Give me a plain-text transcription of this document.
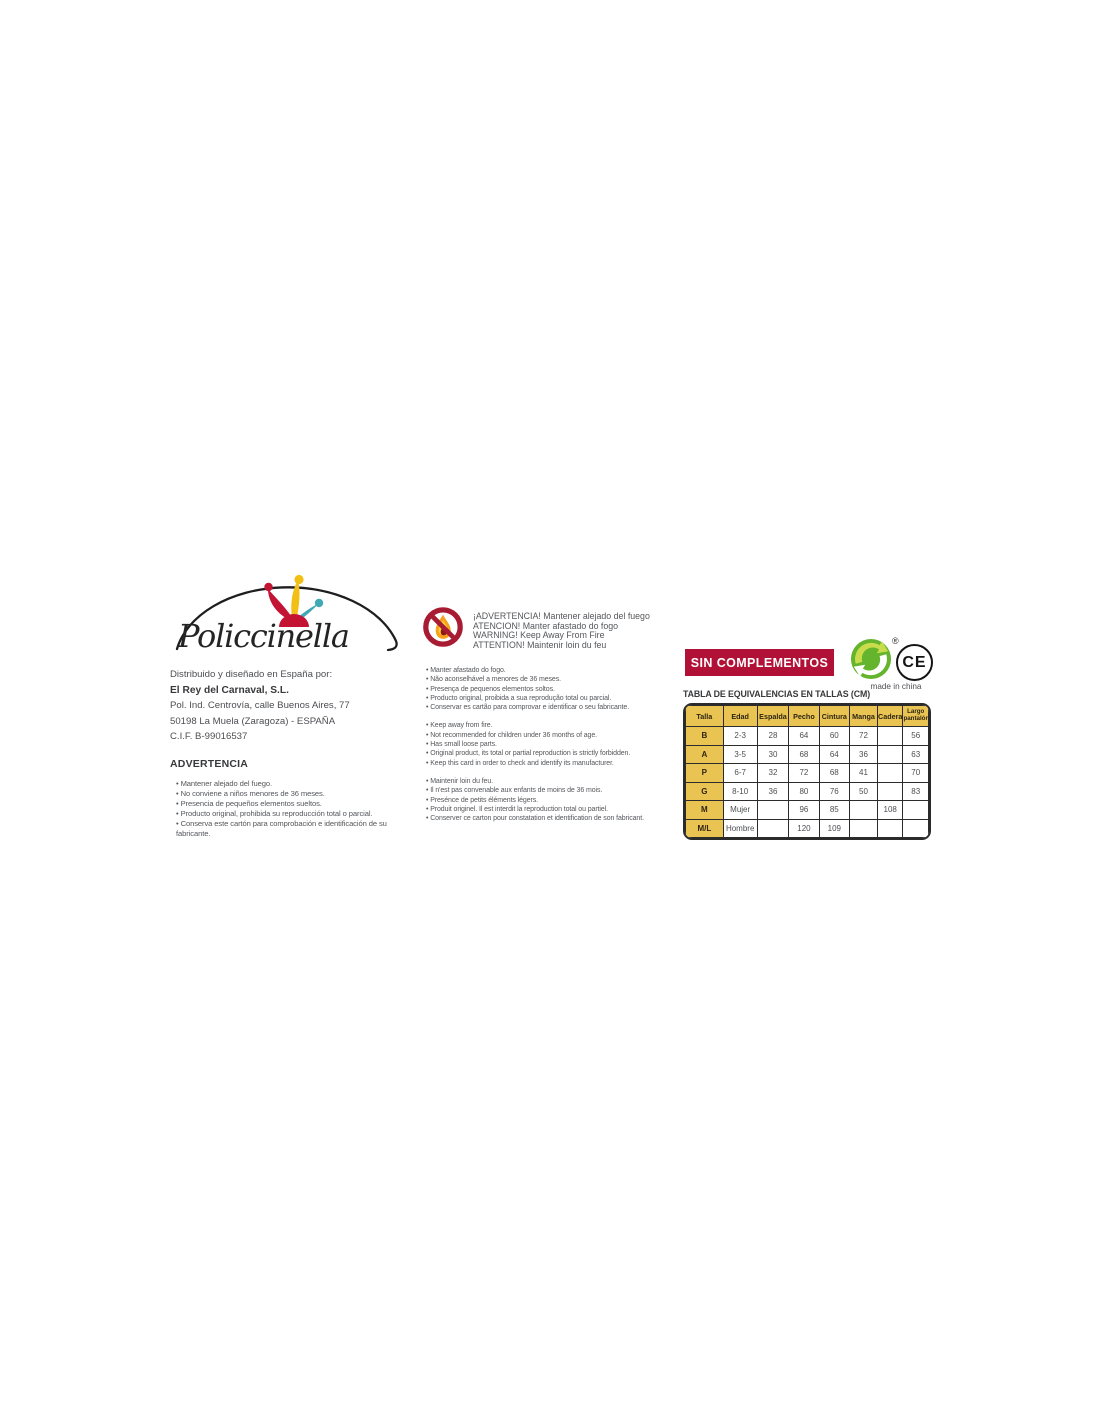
Policcinella
Distribuido y diseñado en España por:
El Rey del Carnaval, S.L.
Pol. Ind. Centrovía, calle Buenos Aires, 77
50198 La Muela (Zaragoza) - ESPAÑA
C.I.F. B-99016537
ADVERTENCIA
• Mantener alejado del fuego.
• No conviene a niños menores de 36 meses.
• Presencia de pequeños elementos sueltos.
• Producto original, prohibida su reproducción total o parcial.
• Conserva este cartón para comprobación e identificación de su fabricante.
¡ADVERTENCIA! Mantener alejado del fuego
ATENCION! Manter afastado do fogo
WARNING! Keep Away From Fire
ATTENTION! Maintenir loin du feu
• Manter afastado do fogo.
• Não aconselhável a menores de 36 meses.
• Presença de pequenos elementos soltos.
• Producto original, proibida a sua reprodução total ou parcial.
• Conservar es cartão para comprovar e identificar o seu fabricante.
• Keep away from fire.
• Not recommended for children under 36 months of age.
• Has small loose parts.
• Original product, its total or partial reproduction is strictly forbidden.
• Keep this card in order to check and identify its manufacturer.
• Maintenir loin du feu.
• Il n'est pas convenable aux enfants de moins de 36 mois.
• Presénce de petits éléments légers.
• Produit originel. Il est interdit la reproduction total ou partiel.
• Conserver ce carton pour constatation et identification de son fabricant.
SIN COMPLEMENTOS
®
CE
made in china
TABLA DE EQUIVALENCIAS EN TALLAS (CM)
Talla	Edad	Espalda	Pecho	Cintura	Manga	Cadera	Largo pantalón
B	2-3	28	64	60	72		56
A	3-5	30	68	64	36		63
P	6-7	32	72	68	41		70
G	8-10	36	80	76	50		83
M	Mujer		96	85		108	
M/L	Hombre		120	109			
